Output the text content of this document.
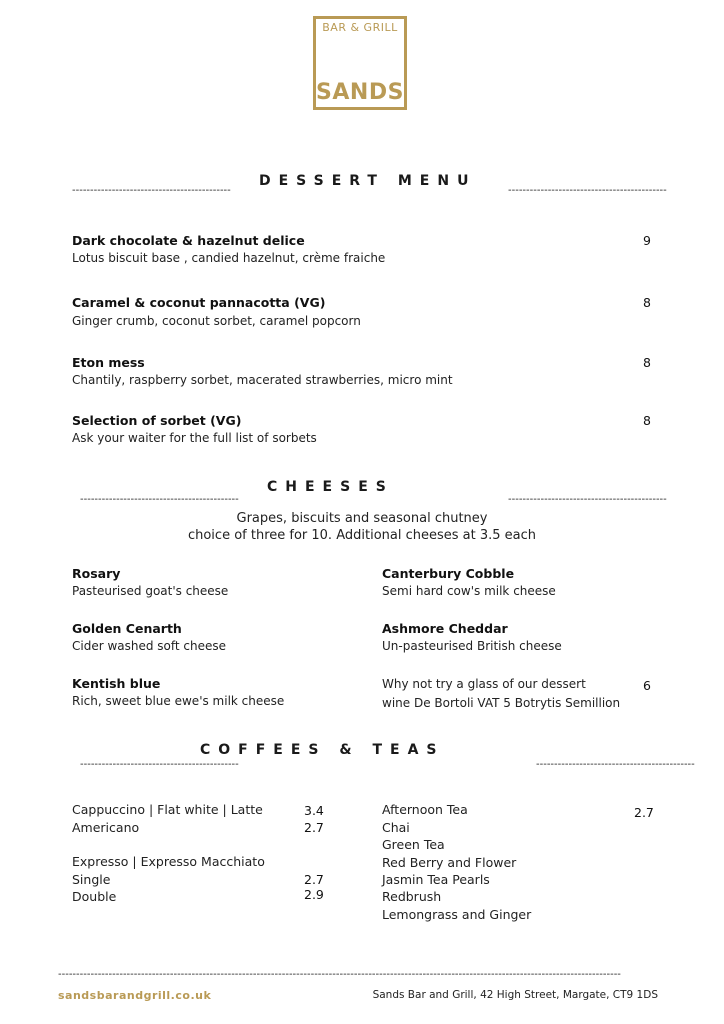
BAR & GRILL
SANDS
--------------------------------------------
DESSERT MENU
--------------------------------------------
Dark chocolate & hazelnut delice
Lotus biscuit base , candied hazelnut, crème fraiche
9
Caramel & coconut pannacotta (VG)
Ginger crumb, coconut sorbet, caramel popcorn
8
Eton mess
Chantily, raspberry sorbet, macerated strawberries, micro mint
8
Selection of sorbet (VG)
Ask your waiter for the full list of sorbets
8
--------------------------------------------
CHEESES
--------------------------------------------
Grapes, biscuits and seasonal chutney
choice of three for 10. Additional cheeses at 3.5 each
Rosary
Pasteurised goat's cheese
Golden Cenarth
Cider washed soft cheese
Kentish blue
Rich, sweet blue ewe's milk cheese
Canterbury Cobble
Semi hard cow's milk cheese
Ashmore Cheddar
Un-pasteurised British cheese
Why not try a glass of our dessert
wine De Bortoli VAT 5 Botrytis Semillion
6
--------------------------------------------
COFFEES & TEAS
--------------------------------------------
Cappuccino | Flat white | Latte	3.4
Americano	2.7
Expresso | Expresso Macchiato
Single	2.7
Double	2.9
Afternoon Tea
Chai
Green Tea
Red Berry and Flower
Jasmin Tea Pearls
Redbrush
Lemongrass and Ginger
2.7
------------------------------------------------------------------------------------------------------------------------------------------------------------
sandsbarandgrill.co.uk	Sands Bar and Grill, 42 High Street, Margate, CT9 1DS
